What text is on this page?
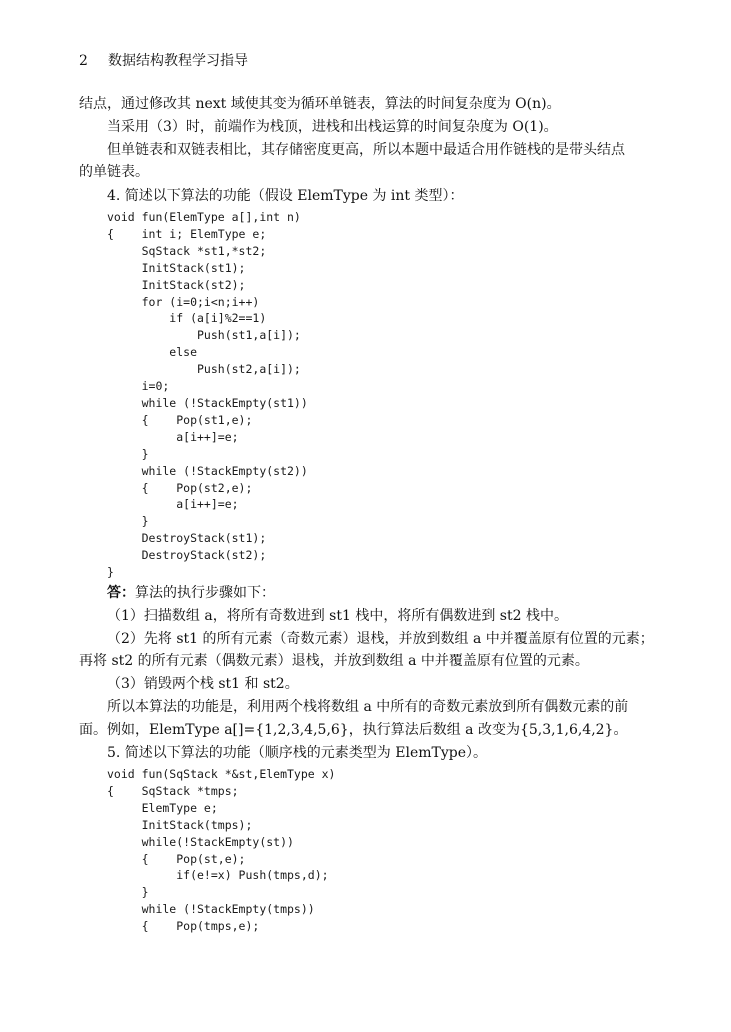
2 数据结构教程学习指导
结点，通过修改其 next 域使其变为循环单链表，算法的时间复杂度为 O(n)。
当采用（3）时，前端作为栈顶，进栈和出栈运算的时间复杂度为 O(1)。
但单链表和双链表相比，其存储密度更高，所以本题中最适合用作链栈的是带头结点
的单链表。
4. 简述以下算法的功能（假设 ElemType 为 int 类型）：
void fun(ElemType a[],int n)
{    int i; ElemType e;
SqStack *st1,*st2;
InitStack(st1);
InitStack(st2);
for (i=0;i<n;i++)
if (a[i]%2==1)
Push(st1,a[i]);
else
Push(st2,a[i]);
i=0;
while (!StackEmpty(st1))
{    Pop(st1,e);
a[i++]=e;
}
while (!StackEmpty(st2))
{    Pop(st2,e);
a[i++]=e;
}
DestroyStack(st1);
DestroyStack(st2);
}
答：算法的执行步骤如下：
（1）扫描数组 a，将所有奇数进到 st1 栈中，将所有偶数进到 st2 栈中。
（2）先将 st1 的所有元素（奇数元素）退栈，并放到数组 a 中并覆盖原有位置的元素；
再将 st2 的所有元素（偶数元素）退栈，并放到数组 a 中并覆盖原有位置的元素。
（3）销毁两个栈 st1 和 st2。
所以本算法的功能是，利用两个栈将数组 a 中所有的奇数元素放到所有偶数元素的前
面。例如，ElemType a[]={1,2,3,4,5,6}，执行算法后数组 a 改变为{5,3,1,6,4,2}。
5. 简述以下算法的功能（顺序栈的元素类型为 ElemType）。
void fun(SqStack *&st,ElemType x)
{    SqStack *tmps;
ElemType e;
InitStack(tmps);
while(!StackEmpty(st))
{    Pop(st,e);
if(e!=x) Push(tmps,d);
}
while (!StackEmpty(tmps))
{    Pop(tmps,e);
